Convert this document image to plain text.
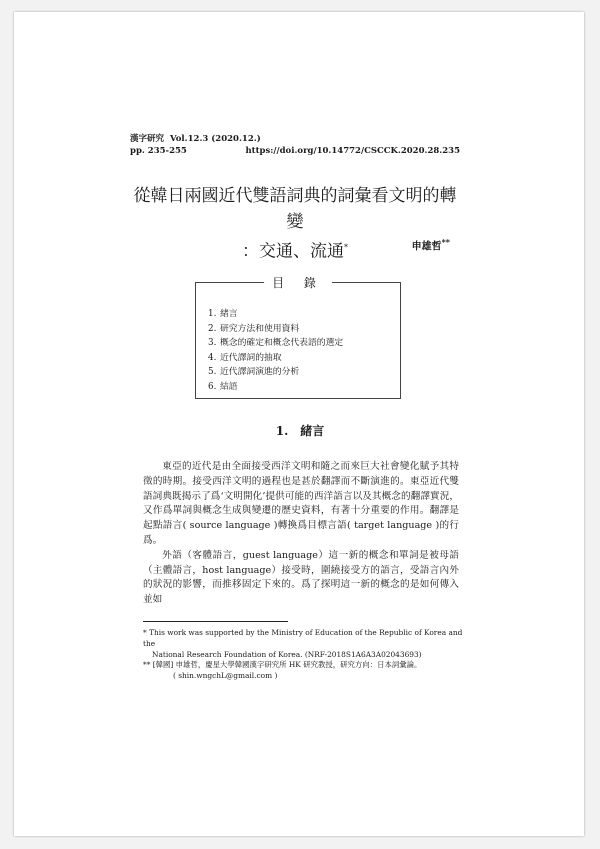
漢字研究 Vol.12.3 (2020.12.)
pp. 235-255	https://doi.org/10.14772/CSCCK.2020.28.235
從韓日兩國近代雙語詞典的詞彙看文明的轉變
：交通、流通*	申雄哲**
目 錄
1. 緒言
2. 研究方法和使用資料
3. 概念的確定和概念代表語的選定
4. 近代譯詞的抽取
5. 近代譯詞演進的分析
6. 結語
1.　緒言

東亞的近代是由全面接受西洋文明和隨之而來巨大社會變化賦予其特徵的時期。接受西洋文明的過程也是甚於翻譯而不斷演進的。東亞近代雙語詞典既揭示了爲‘文明開化’提供可能的西洋語言以及其概念的翻譯實況，又作爲單詞與概念生成與變遷的歷史資料，有著十分重要的作用。翻譯是起點語言( source language )轉換爲目標言語( target language )的行爲。

外語（客體語言，guest language）這一新的概念和單詞是被母語（主體語言，host language）接受時，圍繞接受方的語言，受語言內外的狀況的影響，而推移固定下來的。爲了探明這一新的概念的是如何傳入並如

* This work was supported by the Ministry of Education of the Republic of Korea and the
National Research Foundation of Korea. (NRF-2018S1A6A3A02043693)
** [韓國] 申雄哲，慶星大學韓國漢字研究所 HK 研究教授，研究方向：日本詞彙論。
( shin.wngchL@gmail.com )
